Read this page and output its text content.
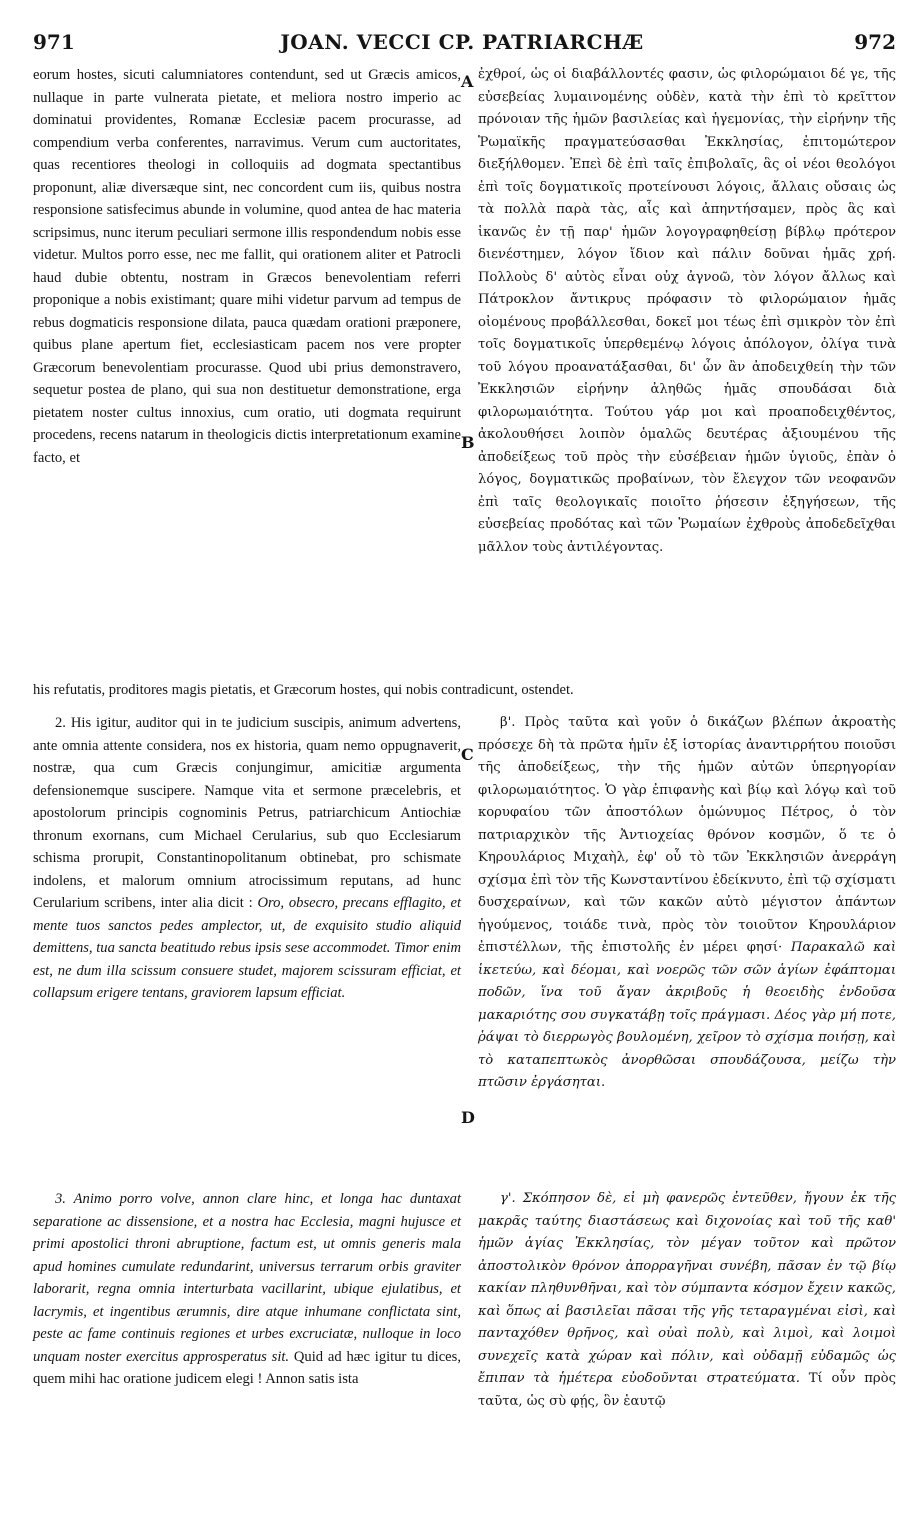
971	JOAN. VECCI CP. PATRIARCHÆ	972

eorum hostes, sicuti calumniatores contendunt, sed ut Græcis amicos, nullaque in parte vulnerata pietate, et meliora nostro imperio ac dominatui providentes, Romanæ Ecclesiæ pacem procurasse, ad compendium verba conferentes, narravimus. Verum cum auctoritates, quas recentiores theologi in colloquiis ad dogmata spectantibus proponunt, aliæ diversæque sint, nec concordent cum iis, quibus nostra responsione satisfecimus abunde in volumine, quod antea de hac materia scripsimus, nunc iterum peculiari sermone illis respondendum nobis esse videtur. Multos porro esse, nec me fallit, qui orationem aliter et Patrocli haud dubie obtentu, nostram in Græcos benevolentiam referri proponique a nobis existimant; quare mihi videtur parvum ad tempus de rebus dogmaticis responsione dilata, pauca quædam orationi præponere, quibus plane apertum fiet, ecclesiasticam pacem nos vere propter Græcorum benevolentiam procurasse. Quod ubi prius demonstravero, sequetur postea de plano, qui sua non destituetur demonstratione, erga pietatem noster cultus innoxius, cum oratio, uti dogmata requirunt procedens, recens natarum in theologicis dictis interpretationum examine facto, et

ἐχθροί, ὡς οἱ διαβάλλοντές φασιν, ὡς φιλορώμαιοι δέ γε, τῆς εὐσεβείας λυμαινομένης οὐδὲν, κατὰ τὴν ἐπὶ τὸ κρεῖττον πρόνοιαν τῆς ἡμῶν βασιλείας καὶ ἡγεμονίας, τὴν εἰρήνην τῆς Ῥωμαϊκῆς πραγματεύσασθαι Ἐκκλησίας, ἐπιτομώτερον διεξήλθομεν. Ἐπεὶ δὲ ἐπὶ ταῖς ἐπιβολαῖς, ἃς οἱ νέοι θεολόγοι ἐπὶ τοῖς δογματικοῖς προτείνουσι λόγοις, ἄλλαις οὔσαις ὡς τὰ πολλὰ παρὰ τὰς, αἷς καὶ ἀπηντήσαμεν, πρὸς ἃς καὶ ἱκανῶς ἐν τῇ παρ' ἡμῶν λογογραφηθείσῃ βίβλῳ πρότερον διενέστημεν, λόγον ἴδιον καὶ πάλιν δοῦναι ἡμᾶς χρή. Πολλοὺς δ' αὐτὸς εἶναι οὐχ ἀγνοῶ, τὸν λόγον ἄλλως καὶ Πάτροκλον ἄντικρυς πρόφασιν τὸ φιλορώμαιον ἡμᾶς οἰομένους προβάλλεσθαι, δοκεῖ μοι τέως ἐπὶ σμικρὸν τὸν ἐπὶ τοῖς δογματικοῖς ὑπερθεμένῳ λόγοις ἀπόλογον, ὀλίγα τινὰ τοῦ λόγου προανατάξασθαι, δι' ὧν ἂν ἀποδειχθείη τὴν τῶν Ἐκκλησιῶν εἰρήνην ἀληθῶς ἡμᾶς σπουδάσαι διὰ φιλορωμαιότητα. Τούτου γάρ μοι καὶ προαποδειχθέντος, ἀκολουθήσει λοιπὸν ὁμαλῶς δευτέρας ἀξιουμένου τῆς ἀποδείξεως τοῦ πρὸς τὴν εὐσέβειαν ἡμῶν ὑγιοῦς, ἐπὰν ὁ λόγος, δογματικῶς προβαίνων, τὸν ἔλεγχον τῶν νεοφανῶν ἐπὶ ταῖς θεολογικαῖς ποιοῖτο ῥήσεσιν ἐξηγήσεων, τῆς εὐσεβείας προδότας καὶ τῶν Ῥωμαίων ἐχθροὺς ἀποδεδεῖχθαι μᾶλλον τοὺς ἀντιλέγοντας.

his refutatis, proditores magis pietatis, et Græcorum hostes, qui nobis contradicunt, ostendet.

2. His igitur, auditor qui in te judicium suscipis, animum advertens, ante omnia attente considera, nos ex historia, quam nemo oppugnaverit, nostræ, qua cum Græcis conjungimur, amicitiæ argumenta defensionemque suscipere. Namque vita et sermone præcelebris, et apostolorum principis cognominis Petrus, patriarchicum Antiochiæ thronum exornans, cum Michael Cerularius, sub quo Ecclesiarum schisma prorupit, Constantinopolitanum obtinebat, pro schismate indolens, et malorum omnium atrocissimum reputans, ad hunc Cerularium scribens, inter alia dicit : Oro, obsecro, precans efflagito, et mente tuos sanctos pedes amplector, ut, de exquisito studio aliquid demittens, tua sancta beatitudo rebus ipsis sese accommodet. Timor enim est, ne dum illa scissum consuere studet, majorem scissuram efficiat, et collapsum erigere tentans, graviorem lapsum efficiat.

β'. Πρὸς ταῦτα καὶ γοῦν ὁ δικάζων βλέπων ἀκροατὴς πρόσεχε δὴ τὰ πρῶτα ἡμῖν ἐξ ἱστορίας ἀναντιρρήτου ποιοῦσι τῆς ἀποδείξεως, τὴν τῆς ἡμῶν αὐτῶν ὑπερηγορίαν φιλορωμαιότητος. Ὁ γὰρ ἐπιφανὴς καὶ βίῳ καὶ λόγῳ καὶ τοῦ κορυφαίου τῶν ἀποστόλων ὁμώνυμος Πέτρος, ὁ τὸν πατριαρχικὸν τῆς Ἀντιοχείας θρόνον κοσμῶν, ὅ τε ὁ Κηρουλάριος Μιχαὴλ, ἐφ' οὗ τὸ τῶν Ἐκκλησιῶν ἀνερράγη σχίσμα ἐπὶ τὸν τῆς Κωνσταντίνου ἐδείκνυτο, ἐπὶ τῷ σχίσματι δυσχεραίνων, καὶ τῶν κακῶν αὐτὸ μέγιστον ἁπάντων ἡγούμενος, τοιάδε τινὰ, πρὸς τὸν τοιοῦτον Κηρουλάριον ἐπιστέλλων, τῆς ἐπιστολῆς ἐν μέρει φησί· Παρακαλῶ καὶ ἱκετεύω, καὶ δέομαι, καὶ νοερῶς τῶν σῶν ἁγίων ἐφάπτομαι ποδῶν, ἵνα τοῦ ἄγαν ἀκριβοῦς ἡ θεοειδὴς ἐνδοῦσα μακαριότης σου συγκατάβῃ τοῖς πράγμασι. Δέος γὰρ μή ποτε, ῥάψαι τὸ διερρωγὸς βουλομένη, χεῖρον τὸ σχίσμα ποιήσῃ, καὶ τὸ καταπεπτωκὸς ἀνορθῶσαι σπουδάζουσα, μείζω τὴν πτῶσιν ἐργάσηται.

3. Animo porro volve, annon clare hinc, et longa hac duntaxat separatione ac dissensione, et a nostra hac Ecclesia, magni hujusce et primi apostolici throni abruptione, factum est, ut omnis generis mala apud homines cumulate redundarint, universus terrarum orbis graviter laborarit, regna omnia interturbata vacillarint, ubique ejulatibus, et lacrymis, et ingentibus ærumnis, dire atque inhumane conflictata sint, peste ac fame continuis regiones et urbes excruciatæ, nulloque in loco unquam noster exercitus approsperatus sit. Quid ad hæc igitur tu dices, quem mihi hac oratione judicem elegi ! Annon satis ista

γ'. Σκόπησον δὲ, εἰ μὴ φανερῶς ἐντεῦθεν, ἤγουν ἐκ τῆς μακρᾶς ταύτης διαστάσεως καὶ διχονοίας καὶ τοῦ τῆς καθ' ἡμῶν ἁγίας Ἐκκλησίας, τὸν μέγαν τοῦτον καὶ πρῶτον ἀποστολικὸν θρόνον ἀπορραγῆναι συνέβη, πᾶσαν ἐν τῷ βίῳ κακίαν πληθυνθῆναι, καὶ τὸν σύμπαντα κόσμον ἔχειν κακῶς, καὶ ὅπως αἱ βασιλεῖαι πᾶσαι τῆς γῆς τεταραγμέναι εἰσὶ, καὶ πανταχόθεν θρῆνος, καὶ οὐαὶ πολὺ, καὶ λιμοὶ, καὶ λοιμοὶ συνεχεῖς κατὰ χώραν καὶ πόλιν, καὶ οὐδαμῇ εὐδαμῶς ὡς ἔπιπαν τὰ ἡμέτερα εὐοδοῦνται στρατεύματα. Τί οὖν πρὸς ταῦτα, ὡς σὺ φῄς, ὃν ἑαυτῷ

A
B
C
D
